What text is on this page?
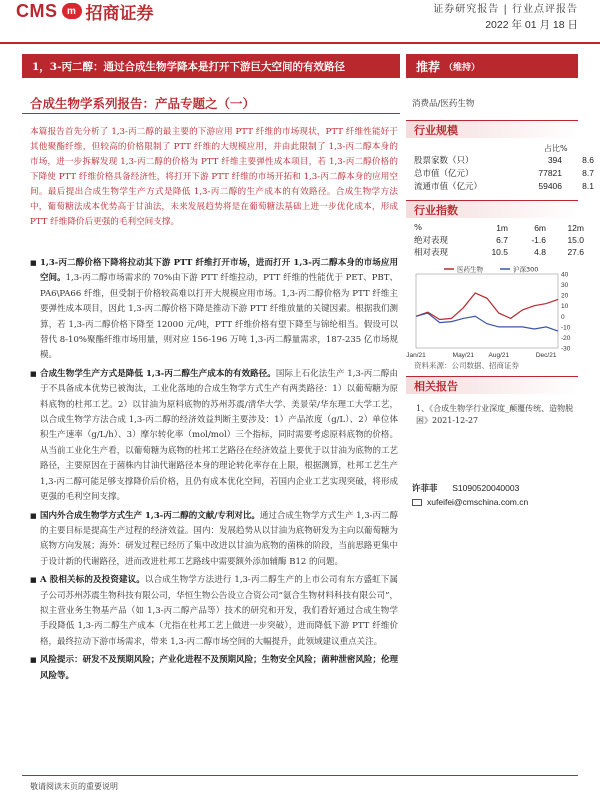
CMS m 招商证券	证券研究报告 | 行业点评报告
2022 年 01 月 18 日
1，3-丙二醇：通过合成生物学降本是打开下游巨大空间的有效路径	推荐 （维持）
合成生物学系列报告：产品专题之（一）	消费品/医药生物
本篇报告首先分析了 1,3-丙二醇的最主要的下游应用 PTT 纤维的市场现状，PTT 纤维性能好于其他聚酯纤维，但较高的价格限制了 PTT 纤维的大规模应用，并由此限制了 1,3-丙二醇本身的市场，进一步拆解发现 1,3-丙二醇的价格为 PTT 纤维主要弹性成本项目，若 1,3-丙二醇价格的下降使 PTT 纤维价格具备经济性，将打开下游 PTT 纤维的市场开拓和 1,3-丙二醇本身的应用空间。最后提出合成生物学生产方式是降低 1,3-丙二醇的生产成本的有效路径。合成生物学方法中，葡萄糖法成本优势高于甘油法，未来发展趋势将是在葡萄糖法基础上进一步优化成本，形成 PTT 纤维降价后更强的毛利空间支撑。
■ 1,3-丙二醇价格下降将拉动其下游 PTT 纤维打开市场，进而打开 1,3-丙二醇本身的市场应用空间。1,3-丙二醇市场需求的 70%由下游 PTT 纤维拉动，PTT 纤维的性能优于 PET、PBT、PA6\PA66 纤维，但受制于价格较高难以打开大规模应用市场。1,3-丙二醇价格为 PTT 纤维主要弹性成本项目，因此 1,3-丙二醇价格下降是推动下游 PTT 纤维放量的关键因素。根据我们测算，若 1,3-丙二醇价格下降至 12000 元/吨，PTT 纤维价格有望下降至与锦纶相当。假设可以替代 8-10%聚酯纤维市场用量，则对应 156-196 万吨 1,3-丙二醇量需求，187-235 亿市场规模。
■ 合成生物学生产方式是降低 1,3-丙二醇生产成本的有效路径。国际上石化法生产 1,3-丙二醇由于不具备成本优势已被淘汰，工业化落地的合成生物学方式生产有两类路径：1）以葡萄糖为原料底物的杜邦工艺。2）以甘油为原料底物的苏州苏震/清华大学、美景荣/华东理工大学工艺，以合成生物学方法合成 1,3-丙二醇的经济效益判断主要涉及：1）产品浓度（g/L）、2）单位体积生产速率（g/L/h）、3）摩尔转化率（mol/mol）三个指标，同时需要考虑原料底物的价格。从当前工业化生产看，以葡萄糖为底物的杜邦工艺路径在经济效益上要优于以甘油为底物的工艺路径，主要原因在于菌株内甘油代谢路径本身的理论转化率存在上限，根据测算，杜邦工艺生产 1,3-丙二醇可能足够支撑降价后价格，且仍有成本优化空间，若国内企业工艺实现突破，将形成更强的毛利空间支撑。
■ 国内外合成生物学方式生产 1,3-丙二醇的文献/专利对比。通过合成生物学方式生产 1,3-丙二醇的主要目标是提高生产过程的经济效益。国内：发展趋势从以甘油为底物研发为主向以葡萄糖为底物方向发展；海外：研发过程已经历了集中改进以甘油为底物的菌株的阶段，当前思路更集中于设计新的代谢路径，进而改进杜邦工艺路线中需要额外添加辅酶 B12 的问题。
■ A 股相关标的及投资建议。以合成生物学方法进行 1,3-丙二醇生产的上市公司有东方盛虹下属子公司苏州苏震生物科技有限公司，华恒生物公告设立合资公司“氨合生物材料科技有限公司”，拟主营业务生物基产品（如 1,3-丙二醇产品等）技术的研究和开发，我们看好通过合成生物学手段降低 1,3-丙二醇生产成本（尤指在杜邦工艺上做进一步突破），进而降低下游 PTT 纤维价格，最终拉动下游市场需求，带来 1,3-丙二醇市场空间的大幅提升，此领域建议重点关注。
■ 风险提示：研发不及预期风险；产业化进程不及预期风险；生物安全风险；菌种泄密风险；伦理风险等。
行业规模
占比%
股票家数（只）	394	8.6
总市值（亿元）	77821	8.7
流通市值（亿元）	59406	8.1
行业指数
%	1m	6m	12m
绝对表现	6.7	-1.6	15.0
相对表现	10.5	4.8	27.6
40
30
20
10
0
-10
-20
-30
Jan/21	May/21 Aug/21	Dec/21
医药生物	沪深300
资料来源：公司数据、招商证券
相关报告
1、《合成生物学行业深度_颠覆传统、造物脱困》2021-12-27
许菲菲 S1090520040003
xufeifei@cmschina.com.cn
敬请阅读末页的重要说明
